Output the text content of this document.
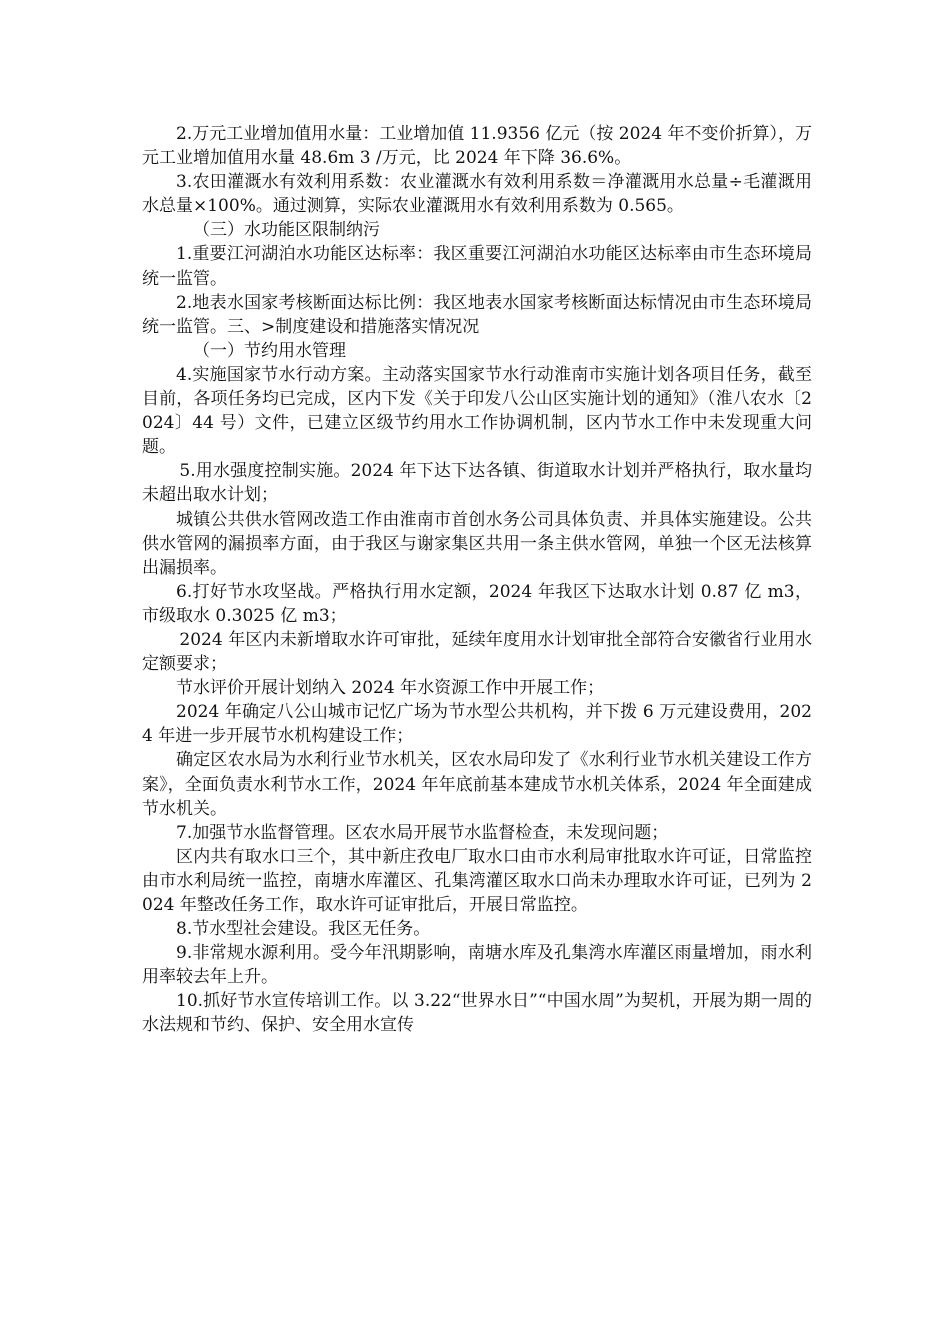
2.万元工业增加值用水量：工业增加值 11.9356 亿元（按 2024 年不变价折算），万元工业增加值用水量 48.6m 3 /万元，比 2024 年下降 36.6%。

3.农田灌溉水有效利用系数：农业灌溉水有效利用系数＝净灌溉用水总量÷毛灌溉用水总量×100%。通过测算，实际农业灌溉用水有效利用系数为 0.565。

（三）水功能区限制纳污

1.重要江河湖泊水功能区达标率：我区重要江河湖泊水功能区达标率由市生态环境局统一监管。

2.地表水国家考核断面达标比例：我区地表水国家考核断面达标情况由市生态环境局统一监管。三、>制度建设和措施落实情况况

（一）节约用水管理

4.实施国家节水行动方案。主动落实国家节水行动淮南市实施计划各项目任务，截至目前，各项任务均已完成，区内下发《关于印发八公山区实施计划的通知》（淮八农水〔2024〕44 号）文件，已建立区级节约用水工作协调机制，区内节水工作中未发现重大问题。

5.用水强度控制实施。2024 年下达下达各镇、街道取水计划并严格执行，取水量均未超出取水计划；

城镇公共供水管网改造工作由淮南市首创水务公司具体负责、并具体实施建设。公共供水管网的漏损率方面，由于我区与谢家集区共用一条主供水管网，单独一个区无法核算出漏损率。

6.打好节水攻坚战。严格执行用水定额，2024 年我区下达取水计划 0.87 亿 m3，市级取水 0.3025 亿 m3；

2024 年区内未新增取水许可审批，延续年度用水计划审批全部符合安徽省行业用水定额要求；

节水评价开展计划纳入 2024 年水资源工作中开展工作；

2024 年确定八公山城市记忆广场为节水型公共机构，并下拨 6 万元建设费用，2024 年进一步开展节水机构建设工作；

确定区农水局为水利行业节水机关，区农水局印发了《水利行业节水机关建设工作方案》，全面负责水利节水工作，2024 年年底前基本建成节水机关体系，2024 年全面建成节水机关。

7.加强节水监督管理。区农水局开展节水监督检查，未发现问题；

区内共有取水口三个，其中新庄孜电厂取水口由市水利局审批取水许可证，日常监控由市水利局统一监控，南塘水库灌区、孔集湾灌区取水口尚未办理取水许可证，已列为 2024 年整改任务工作，取水许可证审批后，开展日常监控。

8.节水型社会建设。我区无任务。

9.非常规水源利用。受今年汛期影响，南塘水库及孔集湾水库灌区雨量增加，雨水利用率较去年上升。

10.抓好节水宣传培训工作。以 3.22“世界水日”“中国水周”为契机，开展为期一周的水法规和节约、保护、安全用水宣传
